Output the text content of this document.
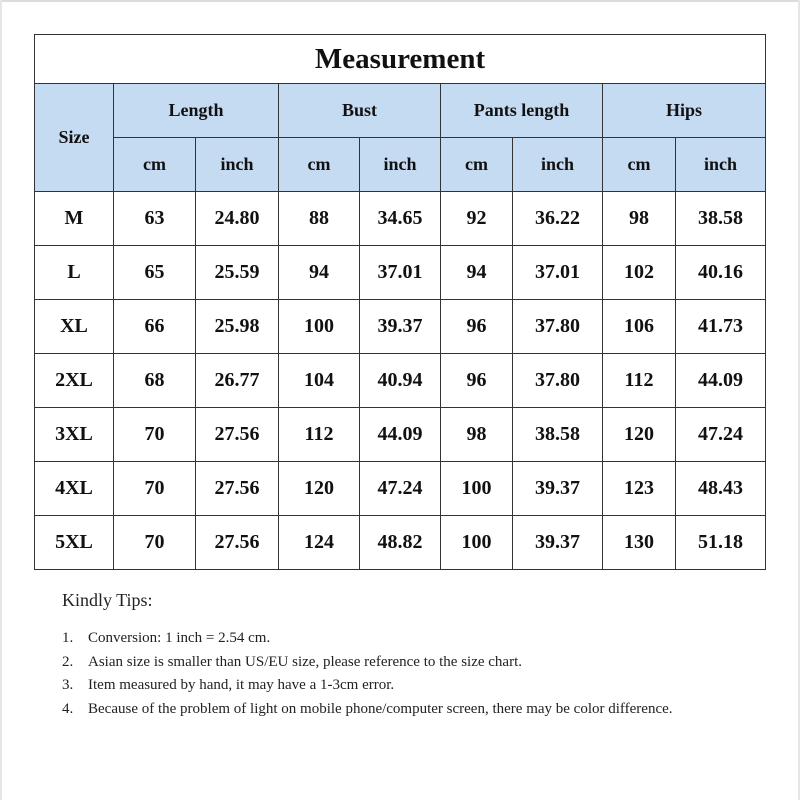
Measurement								
Size	Length		Bust		Pants length		Hips	
	cm	inch	cm	inch	cm	inch	cm	inch
M	63	24.80	88	34.65	92	36.22	98	38.58
L	65	25.59	94	37.01	94	37.01	102	40.16
XL	66	25.98	100	39.37	96	37.80	106	41.73
2XL	68	26.77	104	40.94	96	37.80	112	44.09
3XL	70	27.56	112	44.09	98	38.58	120	47.24
4XL	70	27.56	120	47.24	100	39.37	123	48.43
5XL	70	27.56	124	48.82	100	39.37	130	51.18

Kindly Tips:

1. Conversion: 1 inch = 2.54 cm.
2. Asian size is smaller than US/EU size, please reference to the size chart.
3. Item measured by hand, it may have a 1-3cm error.
4. Because of the problem of light on mobile phone/computer screen, there may be color difference.
